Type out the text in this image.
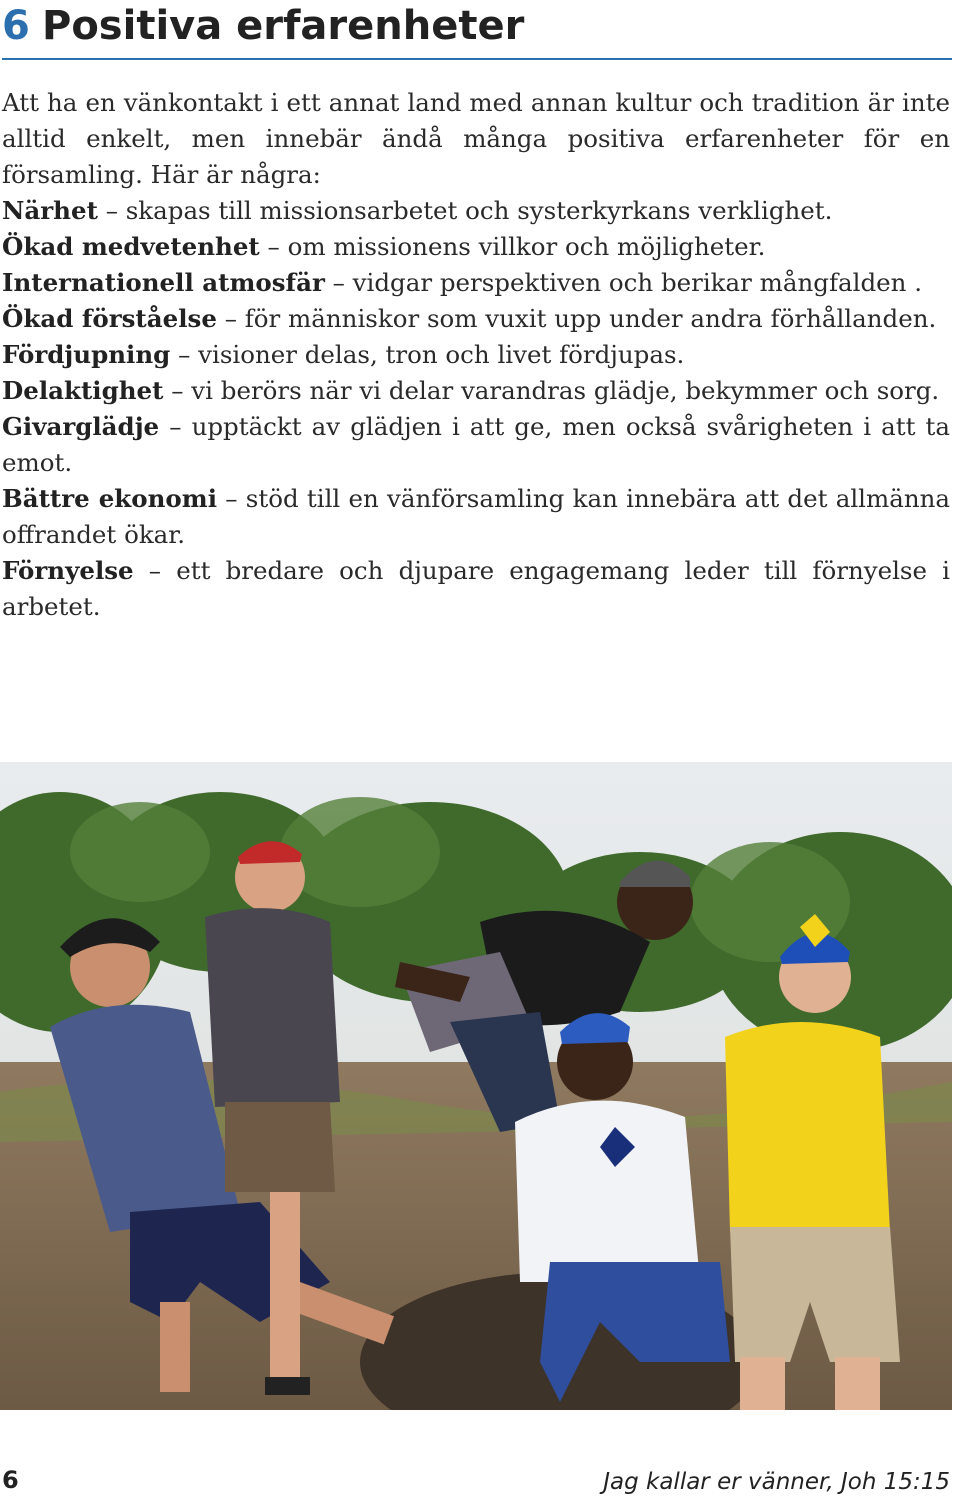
6 Positiva erfarenheter

Att ha en vänkontakt i ett annat land med annan kultur och tradition är inte alltid enkelt, men innebär ändå många positiva erfarenheter för en församling. Här är några:

Närhet – skapas till missionsarbetet och systerkyrkans verklighet.

Ökad medvetenhet – om missionens villkor och möjligheter.

Internationell atmosfär – vidgar perspektiven och berikar mångfalden .

Ökad förståelse – för människor som vuxit upp under andra förhållanden.

Fördjupning – visioner delas, tron och livet fördjupas.

Delaktighet – vi berörs när vi delar varandras glädje, bekymmer och sorg.

Givarglädje – upptäckt av glädjen i att ge, men också svårigheten i att ta emot.

Bättre ekonomi – stöd till en vänförsamling kan innebära att det allmänna offrandet ökar.

Förnyelse – ett bredare och djupare engagemang leder till förnyelse i arbetet.

6	Jag kallar er vänner, Joh 15:15
